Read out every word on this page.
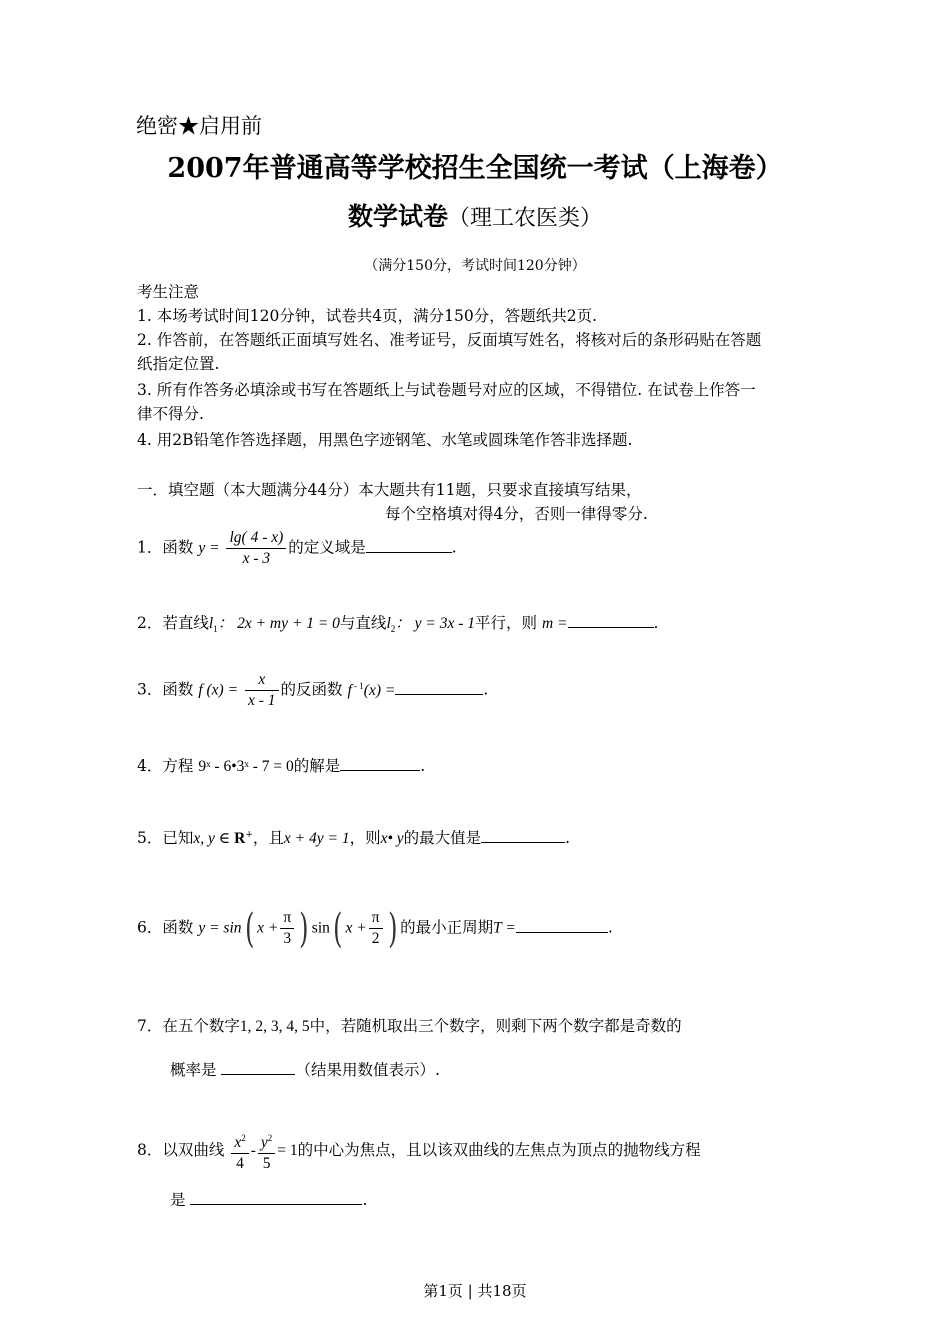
绝密★启用前
2007年普通高等学校招生全国统一考试（上海卷）
数学试卷（理工农医类）
（满分150分，考试时间120分钟）
考生注意
1. 本场考试时间120分钟，试卷共4页，满分150分，答题纸共2页.
2. 作答前，在答题纸正面填写姓名、准考证号，反面填写姓名，将核对后的条形码贴在答题
纸指定位置.
3. 所有作答务必填涂或书写在答题纸上与试卷题号对应的区域，不得错位. 在试卷上作答一
律不得分.
4. 用2B铅笔作答选择题，用黑色字迹钢笔、水笔或圆珠笔作答非选择题.
一．填空题（本大题满分44分）本大题共有11题，只要求直接填写结果，
每个空格填对得4分，否则一律得零分.
1．函数 $y = \frac{\lg( 4 - x)}{x - 3}$ 的定义域是	.
2．若直线$l_1$： 2x + my + 1 = 0与直线$l_2$： y = 3x - 1平行，则 m =	.
3．函数 f $(x) = \frac{x}{x - 1}$ 的反函数 f $^{- 1}$(x) =	.
4．方程 9ˣ - 6•3ˣ - 7 = 0的解是	.
5．已知x, y ∈ R+，且x + 4y = 1，则x• y的最大值是	.
6．函数 y = sin( $x + \frac{\pi}{3}$ ) sin( $x + \frac{\pi}{2}$ ) 的最小正周期T =	.
7．在五个数字1, 2, 3, 4, 5中，若随机取出三个数字，则剩下两个数字都是奇数的
概率是	（结果用数值表示）.
8．以双曲线 $\frac{x^2}{4} - \frac{y^2}{5} = 1$的中心为焦点，且以该双曲线的左焦点为顶点的抛物线方程
是	.
第1页 | 共18页
